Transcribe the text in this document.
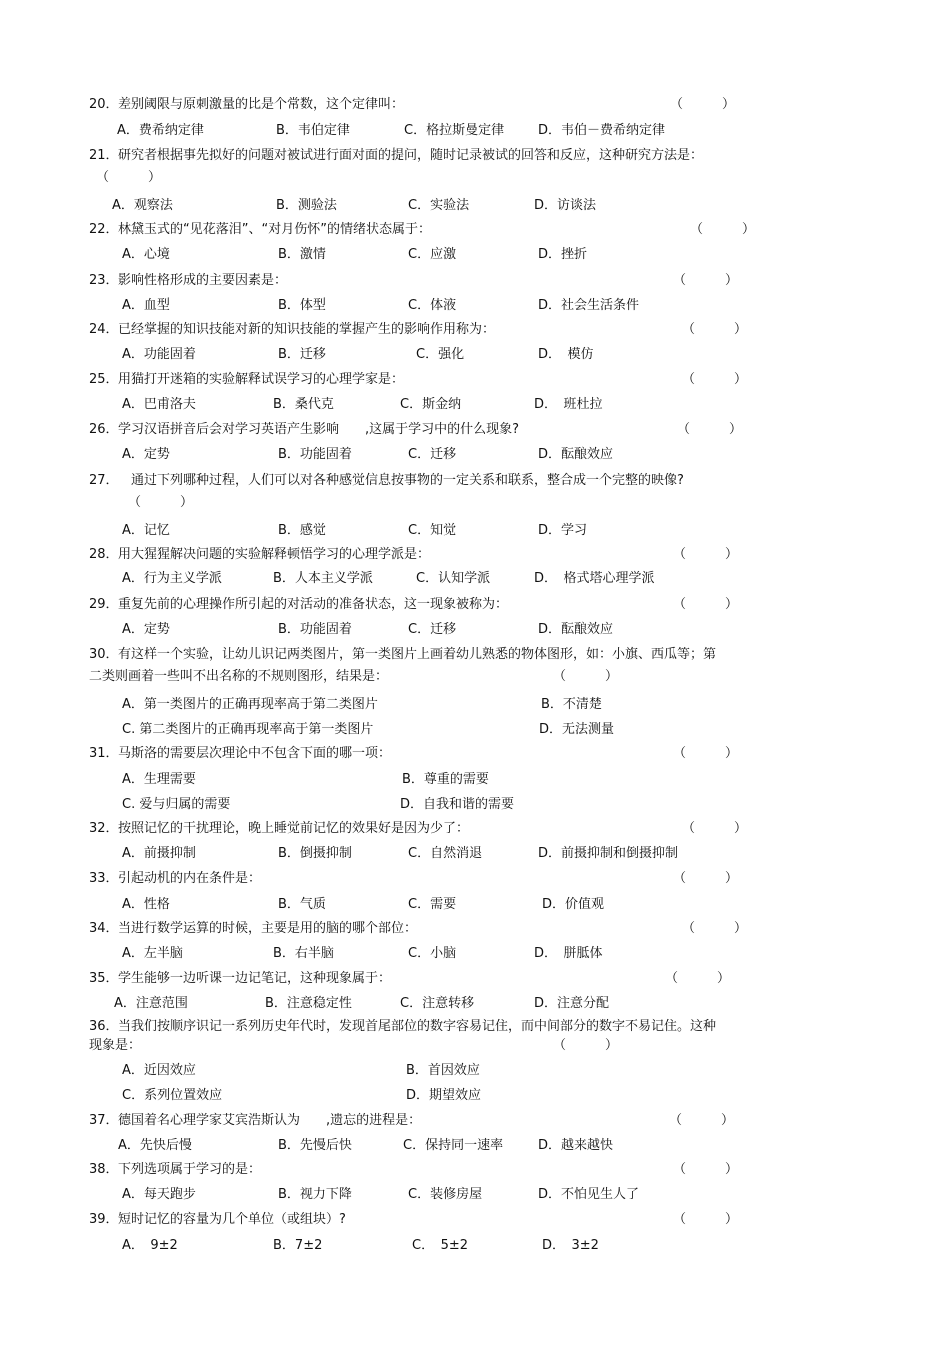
20． 差别阈限与原刺激量的比是个常数，这个定律叫：	（　　　）
A．费希纳定律	B．韦伯定律	C．格拉斯曼定律	D．韦伯－费希纳定律
21． 研究者根据事先拟好的问题对被试进行面对面的提问，随时记录被试的回答和反应，这种研究方法是：
（　　　）
A．观察法	B．测验法	C．实验法	D．访谈法
22． 林黛玉式的“见花落泪”、“对月伤怀”的情绪状态属于：	（　　　）
A．心境	B．激情	C．应激	D．挫折
23． 影响性格形成的主要因素是：	（　　　）
A．血型	B．体型	C．体液	D．社会生活条件
24． 已经掌握的知识技能对新的知识技能的掌握产生的影响作用称为：	（　　　）
A．功能固着	B．迁移	C．强化	D．　模仿
25． 用猫打开迷箱的实验解释试误学习的心理学家是：	（　　　）
A．巴甫洛夫	B．桑代克	C．斯金纳	D．　班杜拉
26． 学习汉语拼音后会对学习英语产生影响　　,这属于学习中的什么现象?	（　　　）
A．定势	B．功能固着	C．迁移	D．酝酿效应
27． 　通过下列哪种过程，人们可以对各种感觉信息按事物的一定关系和联系，整合成一个完整的映像?
（　　　）
A．记忆	B．感觉	C．知觉	D．学习
28． 用大猩猩解决问题的实验解释顿悟学习的心理学派是：	（　　　）
A．行为主义学派	B．人本主义学派	C．认知学派	D．　格式塔心理学派
29． 重复先前的心理操作所引起的对活动的准备状态，这一现象被称为：	（　　　）
A．定势	B．功能固着	C．迁移	D．酝酿效应
30． 有这样一个实验，让幼儿识记两类图片，第一类图片上画着幼儿熟悉的物体图形，如：小旗、西瓜等；第
二类则画着一些叫不出名称的不规则图形，结果是：	（　　　）
A．第一类图片的正确再现率高于第二类图片	B．不清楚
C. 第二类图片的正确再现率高于第一类图片	D．无法测量
31． 马斯洛的需要层次理论中不包含下面的哪一项：	（　　　）
A．生理需要	B．尊重的需要
C. 爱与归属的需要	D．自我和谐的需要
32． 按照记忆的干扰理论，晚上睡觉前记忆的效果好是因为少了：	（　　　）
A．前摄抑制	B．倒摄抑制	C．自然消退	D．前摄抑制和倒摄抑制
33． 引起动机的内在条件是：	（　　　）
A．性格	B．气质	C．需要	D．价值观
34． 当进行数学运算的时候，主要是用的脑的哪个部位：	（　　　）
A．左半脑	B．右半脑	C．小脑	D．　胼胝体
35． 学生能够一边听课一边记笔记，这种现象属于：	（　　　）
A．注意范围	B．注意稳定性	C．注意转移	D．注意分配
36． 当我们按顺序识记一系列历史年代时，发现首尾部位的数字容易记住，而中间部分的数字不易记住。这种
现象是：	（　　　）
A．近因效应	B．首因效应
C．系列位置效应	D．期望效应
37． 德国着名心理学家艾宾浩斯认为　　,遗忘的进程是：	（　　　）
A．先快后慢	B．先慢后快	C．保持同一速率	D．越来越快
38． 下列选项属于学习的是：	（　　　）
A．每天跑步	B．视力下降	C．装修房屋	D．不怕见生人了
39． 短时记忆的容量为几个单位（或组块）?	（　　　）
A．　9±2	B．7±2	C．　5±2	D．　3±2
